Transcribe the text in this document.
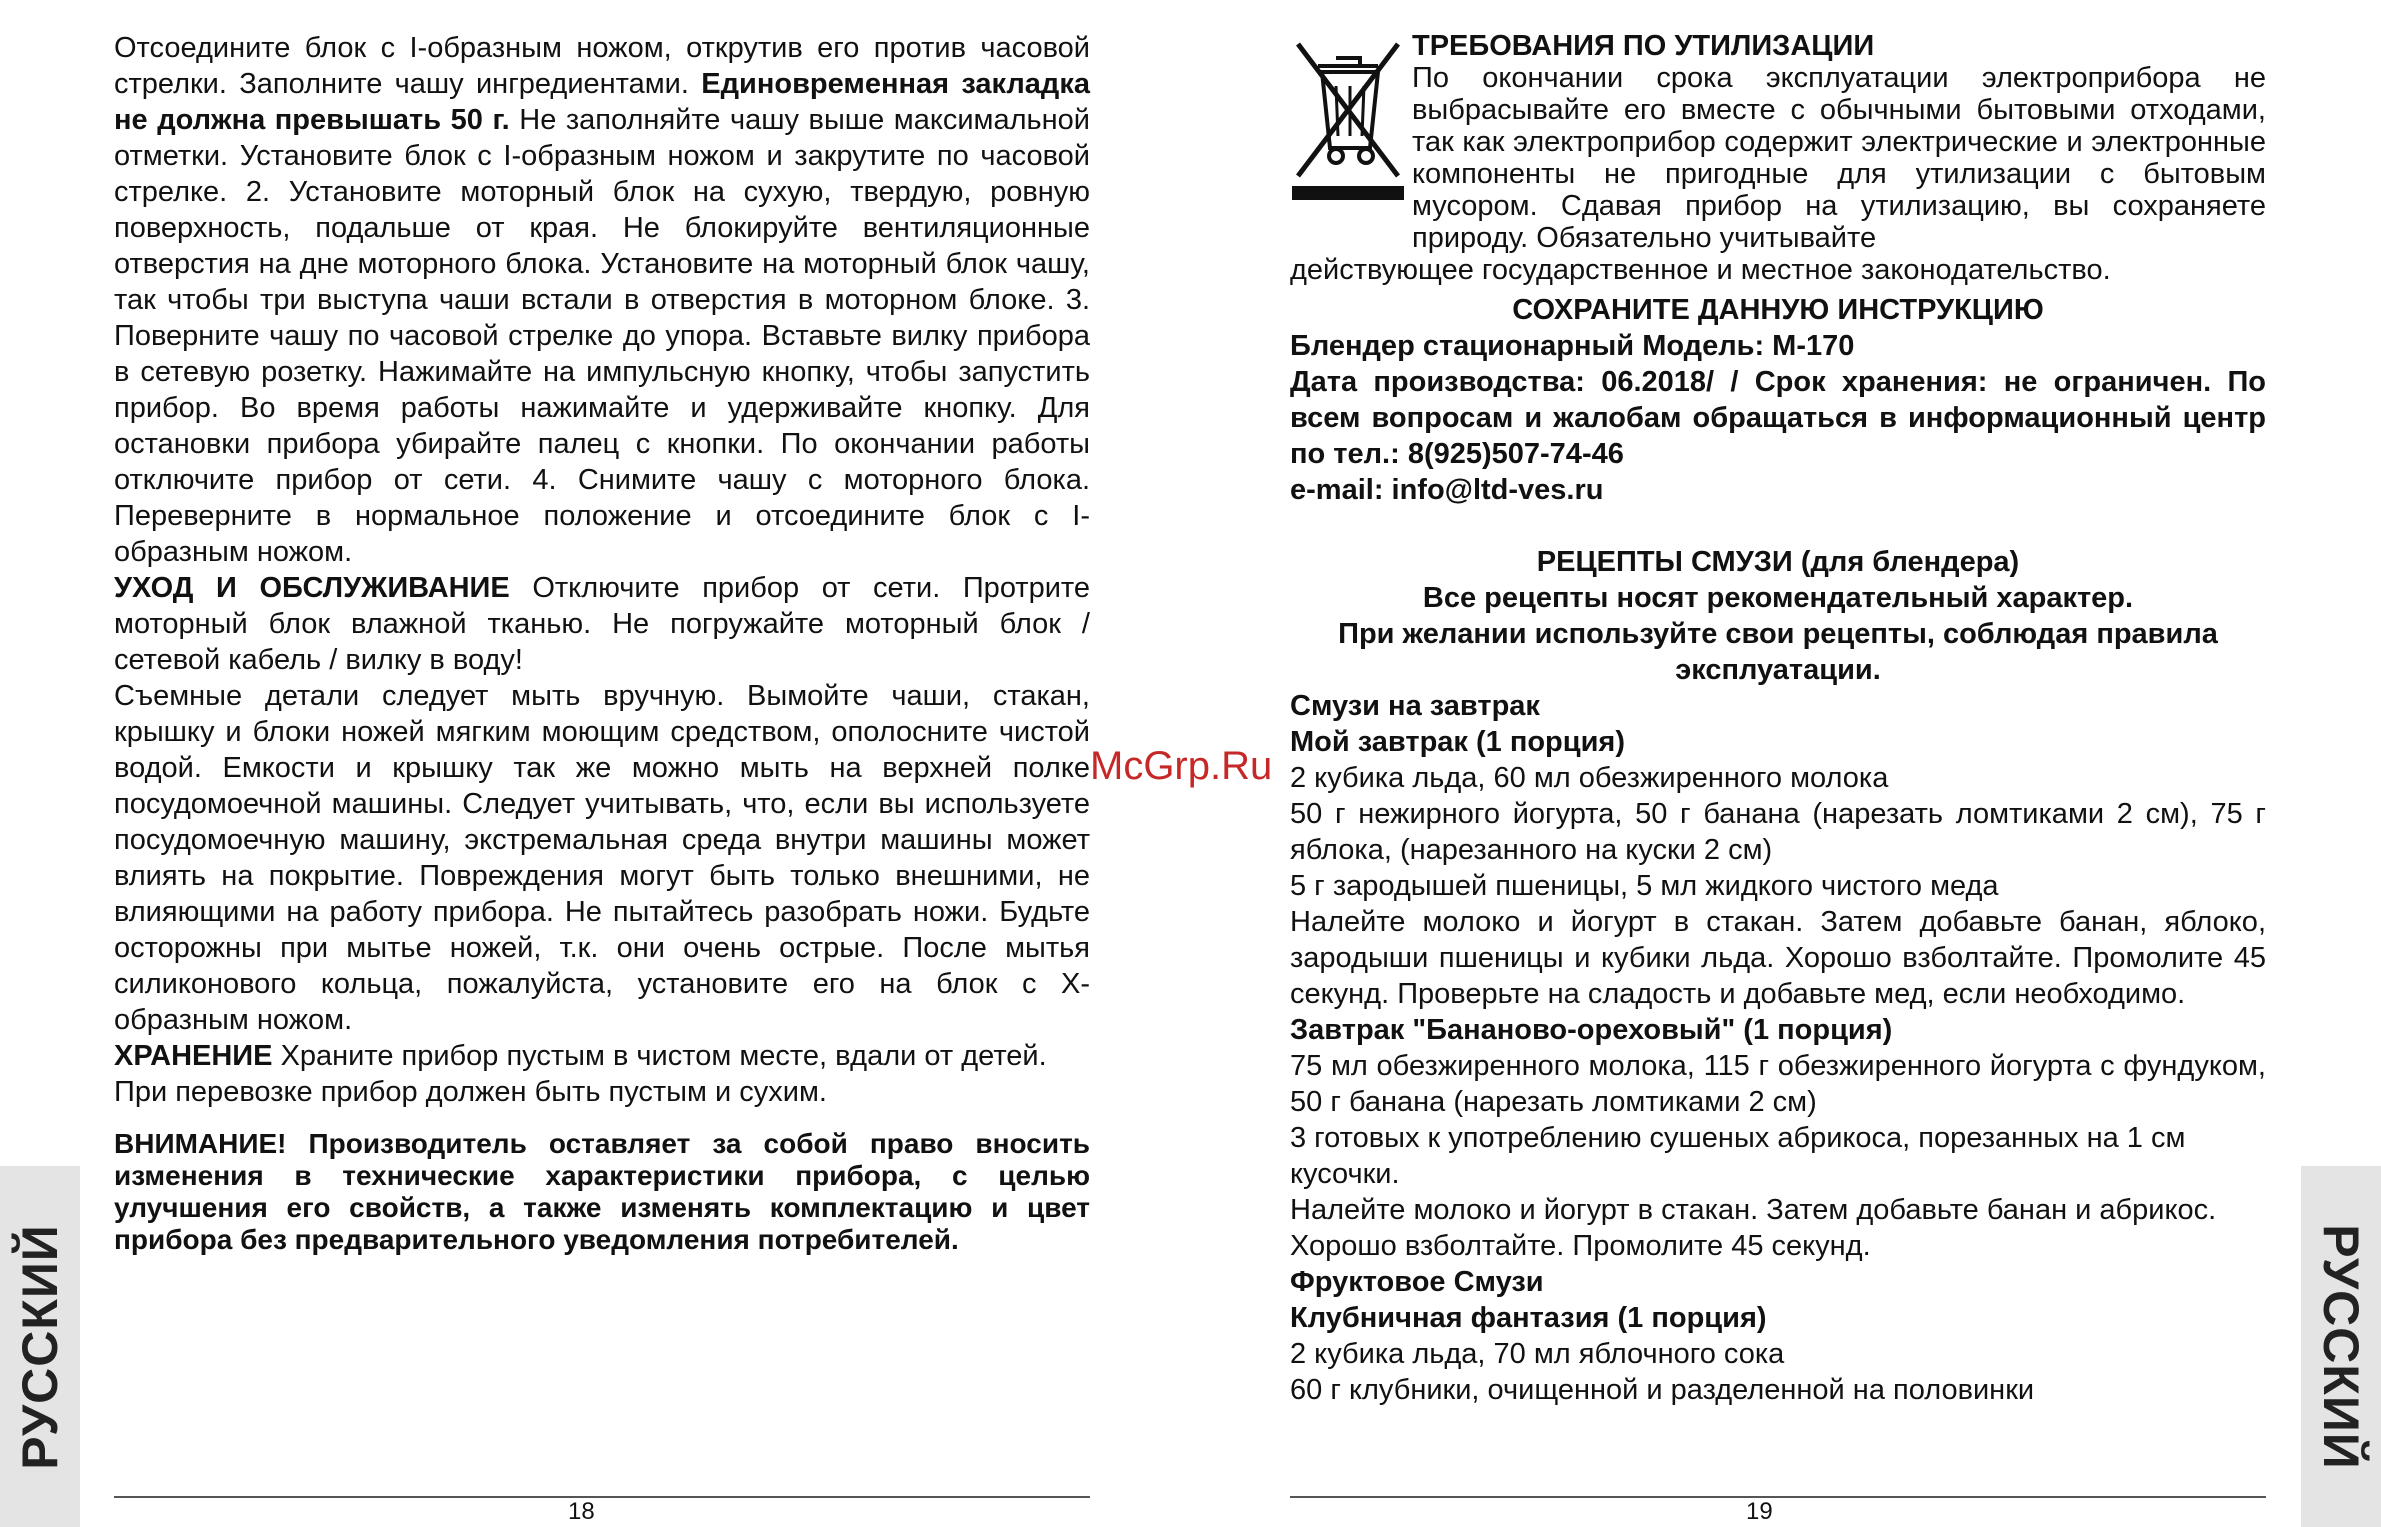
Отсоедините блок с I-образным ножом, открутив его против часовой стрелки. Заполните чашу ингредиентами. Единовременная закладка не должна превышать 50 г. Не заполняйте чашу выше максимальной отметки. Установите блок с I-образным ножом и закрутите по часовой стрелке. 2. Установите моторный блок на сухую, твердую, ровную поверхность, подальше от края. Не блокируйте вентиляционные отверстия на дне моторного блока. Установите на моторный блок чашу, так чтобы три выступа чаши встали в отверстия в моторном блоке. 3. Поверните чашу по часовой стрелке до упора. Вставьте вилку прибора в сетевую розетку. Нажимайте на импульсную кнопку, чтобы запустить прибор. Во время работы нажимайте и удерживайте кнопку. Для остановки прибора убирайте палец с кнопки. По окончании работы отключите прибор от сети. 4. Снимите чашу с моторного блока. Переверните в нормальное положение и отсоедините блок с I-образным ножом.

УХОД И ОБСЛУЖИВАНИЕ Отключите прибор от сети. Протрите моторный блок влажной тканью. Не погружайте моторный блок / сетевой кабель / вилку в воду!

Съемные детали следует мыть вручную. Вымойте чаши, стакан, крышку и блоки ножей мягким моющим средством, ополосните чистой водой. Емкости и крышку так же можно мыть на верхней полке посудомоечной машины. Следует учитывать, что, если вы используете посудомоечную машину, экстремальная среда внутри машины может влиять на покрытие. Повреждения могут быть только внешними, не влияющими на работу прибора. Не пытайтесь разобрать ножи. Будьте осторожны при мытье ножей, т.к. они очень острые. После мытья силиконового кольца, пожалуйста, установите его на блок с Х-образным ножом.

ХРАНЕНИЕ Храните прибор пустым в чистом месте, вдали от детей.

При перевозке прибор должен быть пустым и сухим.

ВНИМАНИЕ! Производитель оставляет за собой право вносить изменения в технические характеристики прибора, с целью улучшения его свойств, а также изменять комплектацию и цвет прибора без предварительного уведомления потребителей.

18
РУССКИЙ
McGrp.Ru

ТРЕБОВАНИЯ ПО УТИЛИЗАЦИИ

По окончании срока эксплуатации электроприбора не выбрасывайте его вместе с обычными бытовыми отходами, так как электроприбор содержит электрические и электронные компоненты не пригодные для утилизации с бытовым мусором. Сдавая прибор на утилизацию, вы сохраняете природу. Обязательно учитывайте

действующее государственное и местное законодательство.

СОХРАНИТЕ ДАННУЮ ИНСТРУКЦИЮ

Блендер стационарный Модель: М-170

Дата производства: 06.2018/ / Срок хранения: не ограничен. По всем вопросам и жалобам обращаться в информационный центр по тел.: 8(925)507-74-46

e-mail: info@ltd-ves.ru

РЕЦЕПТЫ СМУЗИ (для блендера)

Все рецепты носят рекомендательный характер.

При желании используйте свои рецепты, соблюдая правила эксплуатации.

Смузи на завтрак

Мой завтрак (1 порция)

2 кубика льда, 60 мл обезжиренного молока

50 г нежирного йогурта, 50 г банана (нарезать ломтиками 2 см), 75 г яблока, (нарезанного на куски 2 см)

5 г зародышей пшеницы, 5 мл жидкого чистого меда

Налейте молоко и йогурт в стакан. Затем добавьте банан, яблоко, зародыши пшеницы и кубики льда. Хорошо взболтайте. Промолите 45 секунд. Проверьте на сладость и добавьте мед, если необходимо.

Завтрак "Бананово-ореховый" (1 порция)

75 мл обезжиренного молока, 115 г обезжиренного йогурта с фундуком, 50 г банана (нарезать ломтиками 2 см)

3 готовых к употреблению сушеных абрикоса, порезанных на 1 см кусочки.

Налейте молоко и йогурт в стакан. Затем добавьте банан и абрикос. Хорошо взболтайте. Промолите 45 секунд.

Фруктовое Смузи

Клубничная фантазия (1 порция)

2 кубика льда, 70 мл яблочного сока

60 г клубники, очищенной и разделенной на половинки

19
РУССКИЙ
